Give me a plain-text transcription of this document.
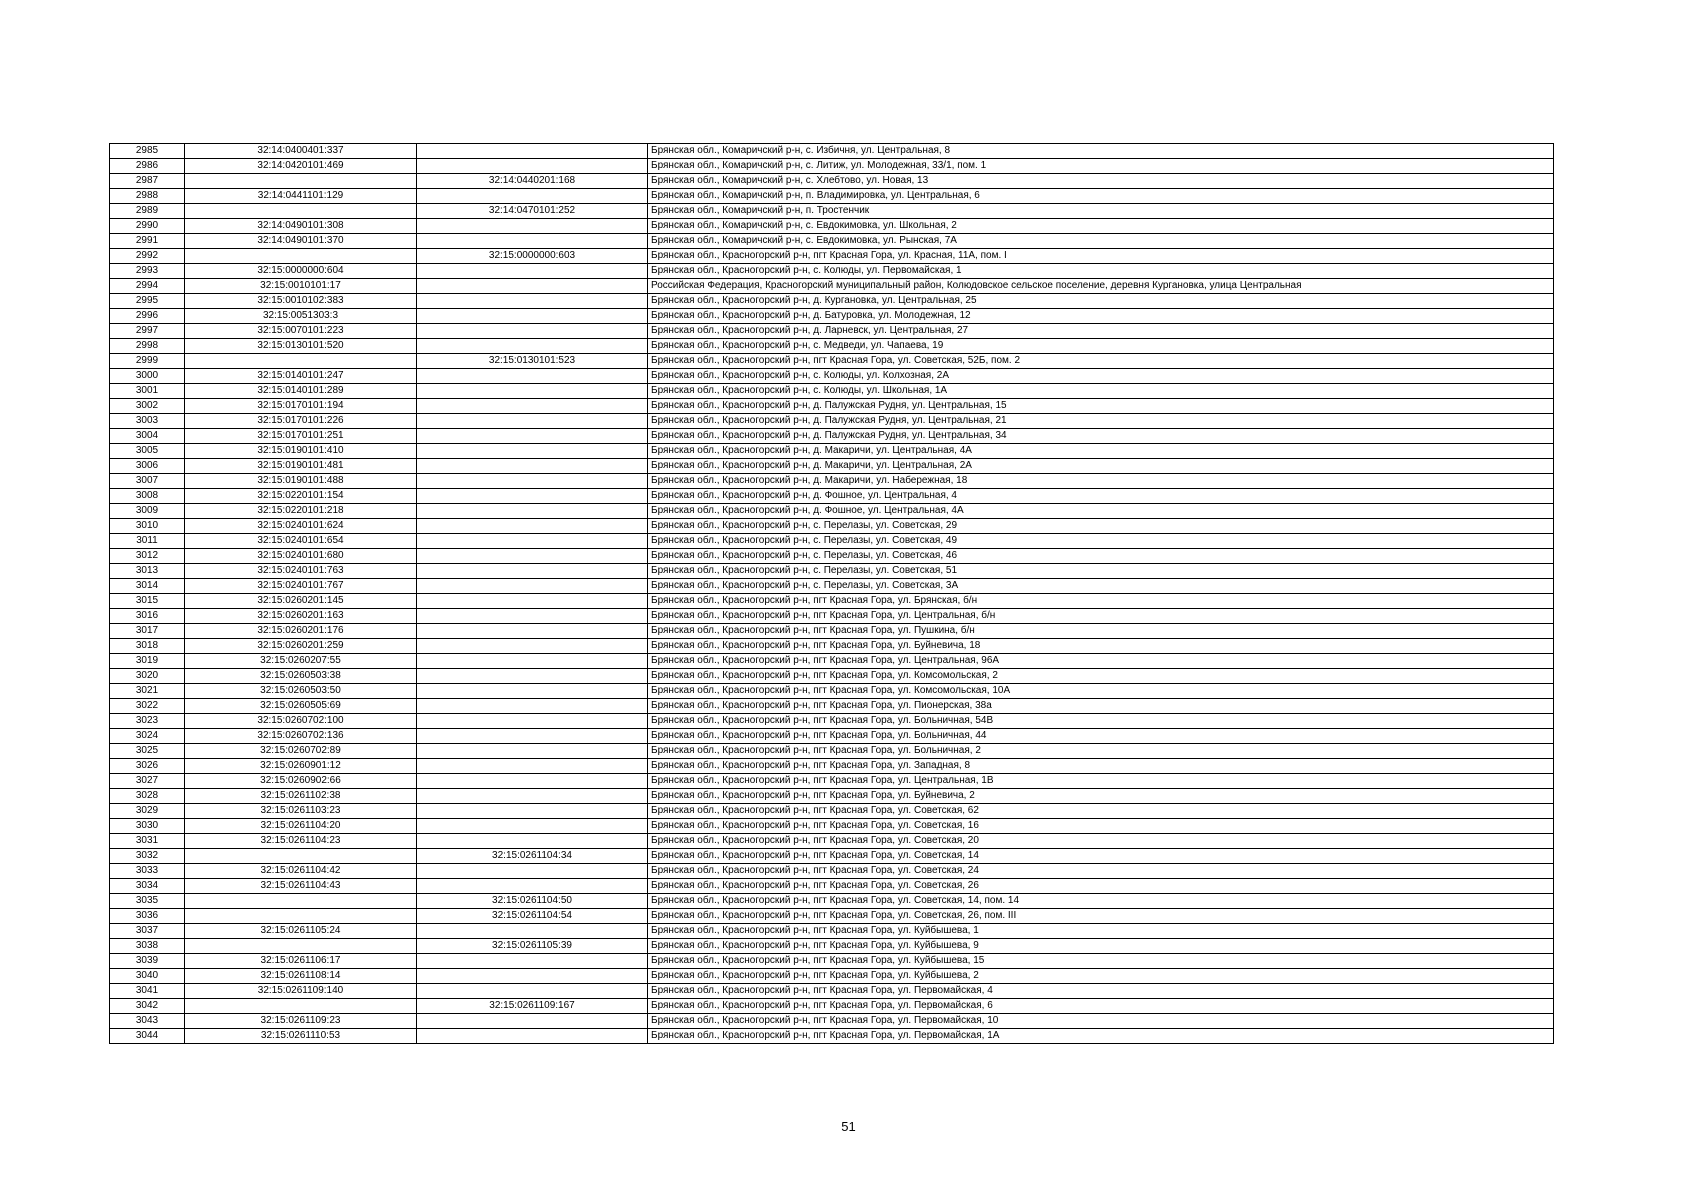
2985	32:14:0400401:337		Брянская обл., Комаричский р-н, с. Избичня, ул. Центральная, 8
2986	32:14:0420101:469		Брянская обл., Комаричский р-н, с. Литиж, ул. Молодежная, 33/1, пом. 1
2987		32:14:0440201:168	Брянская обл., Комаричский р-н, с. Хлебтово, ул. Новая, 13
2988	32:14:0441101:129		Брянская обл., Комаричский р-н, п. Владимировка, ул. Центральная, 6
2989		32:14:0470101:252	Брянская обл., Комаричский р-н, п. Тростенчик
2990	32:14:0490101:308		Брянская обл., Комаричский р-н, с. Евдокимовка, ул. Школьная, 2
2991	32:14:0490101:370		Брянская обл., Комаричский р-н, с. Евдокимовка, ул. Рынская, 7А
2992		32:15:0000000:603	Брянская обл., Красногорский р-н, пгт Красная Гора, ул. Красная, 11А, пом. I
2993	32:15:0000000:604		Брянская обл., Красногорский р-н, с. Колюды, ул. Первомайская, 1
2994	32:15:0010101:17		Российская Федерация, Красногорский муниципальный район, Колюдовское сельское поселение, деревня Кургановка, улица Центральная
2995	32:15:0010102:383		Брянская обл., Красногорский р-н, д. Кургановка, ул. Центральная, 25
2996	32:15:0051303:3		Брянская обл., Красногорский р-н, д. Батуровка, ул. Молодежная, 12
2997	32:15:0070101:223		Брянская обл., Красногорский р-н, д. Ларневск, ул. Центральная, 27
2998	32:15:0130101:520		Брянская обл., Красногорский р-н, с. Медведи, ул. Чапаева, 19
2999		32:15:0130101:523	Брянская обл., Красногорский р-н, пгт Красная Гора, ул. Советская, 52Б, пом. 2
3000	32:15:0140101:247		Брянская обл., Красногорский р-н, с. Колюды, ул. Колхозная, 2А
3001	32:15:0140101:289		Брянская обл., Красногорский р-н, с. Колюды, ул. Школьная, 1А
3002	32:15:0170101:194		Брянская обл., Красногорский р-н, д. Палужская Рудня, ул. Центральная, 15
3003	32:15:0170101:226		Брянская обл., Красногорский р-н, д. Палужская Рудня, ул. Центральная, 21
3004	32:15:0170101:251		Брянская обл., Красногорский р-н, д. Палужская Рудня, ул. Центральная, 34
3005	32:15:0190101:410		Брянская обл., Красногорский р-н, д. Макаричи, ул. Центральная, 4А
3006	32:15:0190101:481		Брянская обл., Красногорский р-н, д. Макаричи, ул. Центральная, 2А
3007	32:15:0190101:488		Брянская обл., Красногорский р-н, д. Макаричи, ул. Набережная, 18
3008	32:15:0220101:154		Брянская обл., Красногорский р-н, д. Фошное, ул. Центральная, 4
3009	32:15:0220101:218		Брянская обл., Красногорский р-н, д. Фошное, ул. Центральная, 4А
3010	32:15:0240101:624		Брянская обл., Красногорский р-н, с. Перелазы, ул. Советская, 29
3011	32:15:0240101:654		Брянская обл., Красногорский р-н, с. Перелазы, ул. Советская, 49
3012	32:15:0240101:680		Брянская обл., Красногорский р-н, с. Перелазы, ул. Советская, 46
3013	32:15:0240101:763		Брянская обл., Красногорский р-н, с. Перелазы, ул. Советская, 51
3014	32:15:0240101:767		Брянская обл., Красногорский р-н, с. Перелазы, ул. Советская, 3А
3015	32:15:0260201:145		Брянская обл., Красногорский р-н, пгт Красная Гора, ул. Брянская, б/н
3016	32:15:0260201:163		Брянская обл., Красногорский р-н, пгт Красная Гора, ул. Центральная, б/н
3017	32:15:0260201:176		Брянская обл., Красногорский р-н, пгт Красная Гора, ул. Пушкина, б/н
3018	32:15:0260201:259		Брянская обл., Красногорский р-н, пгт Красная Гора, ул. Буйневича, 18
3019	32:15:0260207:55		Брянская обл., Красногорский р-н, пгт Красная Гора, ул. Центральная, 96А
3020	32:15:0260503:38		Брянская обл., Красногорский р-н, пгт Красная Гора, ул. Комсомольская, 2
3021	32:15:0260503:50		Брянская обл., Красногорский р-н, пгт Красная Гора, ул. Комсомольская, 10А
3022	32:15:0260505:69		Брянская обл., Красногорский р-н, пгт Красная Гора, ул. Пионерская, 38а
3023	32:15:0260702:100		Брянская обл., Красногорский р-н, пгт Красная Гора, ул. Больничная, 54В
3024	32:15:0260702:136		Брянская обл., Красногорский р-н, пгт Красная Гора, ул. Больничная, 44
3025	32:15:0260702:89		Брянская обл., Красногорский р-н, пгт Красная Гора, ул. Больничная, 2
3026	32:15:0260901:12		Брянская обл., Красногорский р-н, пгт Красная Гора, ул. Западная, 8
3027	32:15:0260902:66		Брянская обл., Красногорский р-н, пгт Красная Гора, ул. Центральная, 1В
3028	32:15:0261102:38		Брянская обл., Красногорский р-н, пгт Красная Гора, ул. Буйневича, 2
3029	32:15:0261103:23		Брянская обл., Красногорский р-н, пгт Красная Гора, ул. Советская, 62
3030	32:15:0261104:20		Брянская обл., Красногорский р-н, пгт Красная Гора, ул. Советская, 16
3031	32:15:0261104:23		Брянская обл., Красногорский р-н, пгт Красная Гора, ул. Советская, 20
3032		32:15:0261104:34	Брянская обл., Красногорский р-н, пгт Красная Гора, ул. Советская, 14
3033	32:15:0261104:42		Брянская обл., Красногорский р-н, пгт Красная Гора, ул. Советская, 24
3034	32:15:0261104:43		Брянская обл., Красногорский р-н, пгт Красная Гора, ул. Советская, 26
3035		32:15:0261104:50	Брянская обл., Красногорский р-н, пгт Красная Гора, ул. Советская, 14, пом. 14
3036		32:15:0261104:54	Брянская обл., Красногорский р-н, пгт Красная Гора, ул. Советская, 26, пом. III
3037	32:15:0261105:24		Брянская обл., Красногорский р-н, пгт Красная Гора, ул. Куйбышева, 1
3038		32:15:0261105:39	Брянская обл., Красногорский р-н, пгт Красная Гора, ул. Куйбышева, 9
3039	32:15:0261106:17		Брянская обл., Красногорский р-н, пгт Красная Гора, ул. Куйбышева, 15
3040	32:15:0261108:14		Брянская обл., Красногорский р-н, пгт Красная Гора, ул. Куйбышева, 2
3041	32:15:0261109:140		Брянская обл., Красногорский р-н, пгт Красная Гора, ул. Первомайская, 4
3042		32:15:0261109:167	Брянская обл., Красногорский р-н, пгт Красная Гора, ул. Первомайская, 6
3043	32:15:0261109:23		Брянская обл., Красногорский р-н, пгт Красная Гора, ул. Первомайская, 10
3044	32:15:0261110:53		Брянская обл., Красногорский р-н, пгт Красная Гора, ул. Первомайская, 1А
51
